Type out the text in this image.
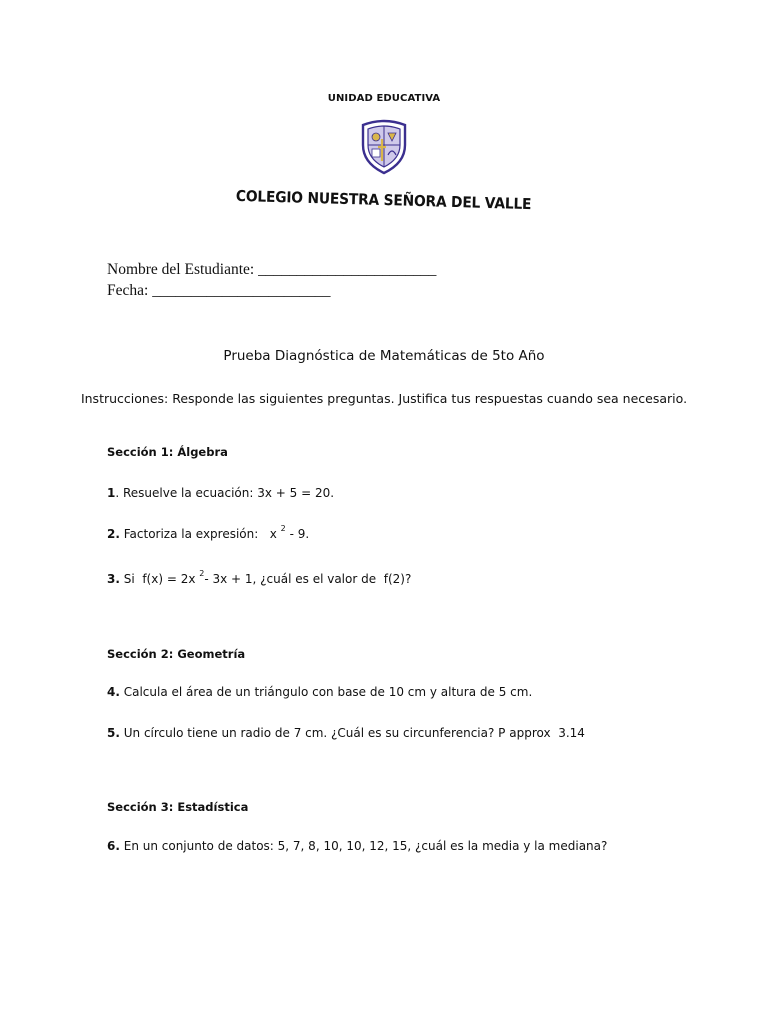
UNIDAD EDUCATIVA
COLEGIO NUESTRA SEÑORA DEL VALLE
Nombre del Estudiante: _______________________
Fecha: _______________________
Prueba Diagnóstica de Matemáticas de 5to Año
Instrucciones: Responde las siguientes preguntas. Justifica tus respuestas cuando sea necesario.
Sección 1: Álgebra
1. Resuelve la ecuación: 3x + 5 = 20.
2. Factoriza la expresión:   x $^2$ - 9.
3. Si  f(x) = 2x $^2$- 3x + 1, ¿cuál es el valor de  f(2)?
Sección 2: Geometría
4. Calcula el área de un triángulo con base de 10 cm y altura de 5 cm.
5. Un círculo tiene un radio de 7 cm. ¿Cuál es su circunferencia? P approx  3.14
Sección 3: Estadística
6. En un conjunto de datos: 5, 7, 8, 10, 10, 12, 15, ¿cuál es la media y la mediana?
